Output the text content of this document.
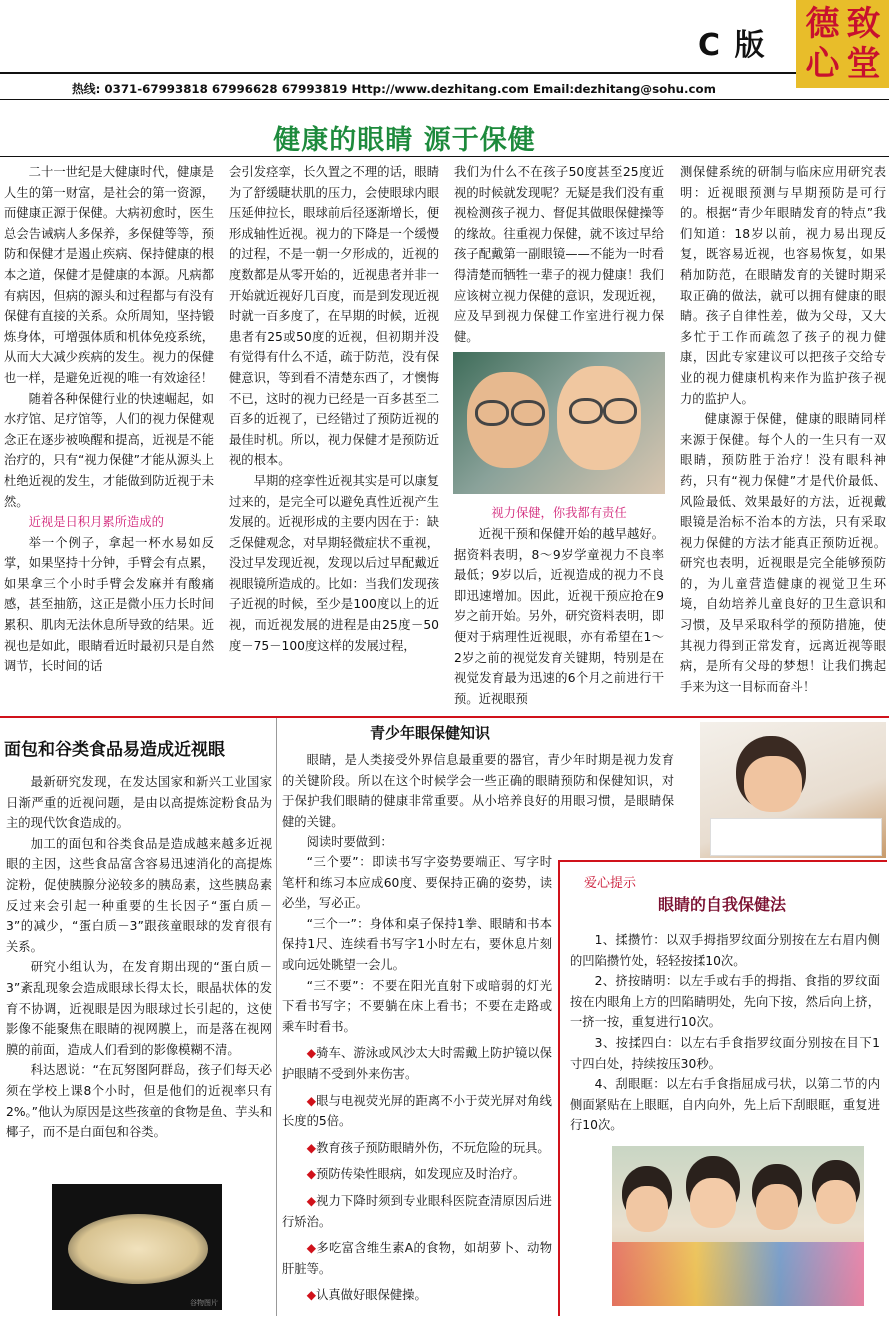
C 版
德 致
心 堂
热线: 0371-67993818 67996628 67993819 Http://www.dezhitang.com Email:dezhitang@sohu.com
健康的眼睛 源于保健

二十一世纪是大健康时代，健康是人生的第一财富，是社会的第一资源，而健康正源于保健。大病初愈时，医生总会告诫病人多保养，多保健等等，预防和保健才是遏止疾病、保持健康的根本之道，保健才是健康的本源。凡病都有病因，但病的源头和过程都与有没有保健有直接的关系。众所周知，坚持锻炼身体，可增强体质和机体免疫系统，从而大大减少疾病的发生。视力的保健也一样，是避免近视的唯一有效途径！

随着各种保健行业的快速崛起，如水疗馆、足疗馆等，人们的视力保健观念正在逐步被唤醒和提高，近视是不能治疗的，只有“视力保健”才能从源头上杜绝近视的发生，才能做到防近视于未然。

近视是日积月累所造成的

举一个例子，拿起一杯水易如反掌，如果坚持十分钟，手臂会有点累，如果拿三个小时手臂会发麻并有酸痛感，甚至抽筋，这正是微小压力长时间累积、肌肉无法休息所导致的结果。近视也是如此，眼睛看近时最初只是自然调节，长时间的话

会引发痉挛，长久置之不理的话，眼睛为了舒缓睫状肌的压力，会使眼球内眼压延伸拉长，眼球前后径逐渐增长，便形成轴性近视。视力的下降是一个缓慢的过程，不是一朝一夕形成的，近视的度数都是从零开始的，近视患者并非一开始就近视好几百度，而是到发现近视时就一百多度了，在早期的时候，近视患者有25或50度的近视，但初期并没有觉得有什么不适，疏于防范，没有保健意识，等到看不清楚东西了，才懊悔不已，这时的视力已经是一百多甚至二百多的近视了，已经错过了预防近视的最佳时机。所以，视力保健才是预防近视的根本。

早期的痉挛性近视其实是可以康复过来的，是完全可以避免真性近视产生发展的。近视形成的主要内因在于：缺乏保健观念，对早期轻微症状不重视，没过早发现近视，发现以后过早配戴近视眼镜所造成的。比如：当我们发现孩子近视的时候，至少是100度以上的近视，而近视发展的进程是由25度－50度－75－100度这样的发展过程，

我们为什么不在孩子50度甚至25度近视的时候就发现呢？无疑是我们没有重视检测孩子视力、督促其做眼保健操等的缘故。往重视力保健，就不该过早给孩子配戴第一副眼镜——不能为一时看得清楚而牺牲一辈子的视力健康！我们应该树立视力保健的意识，发现近视，应及早到视力保健工作室进行视力保健。

视力保健，你我都有责任

近视干预和保健开始的越早越好。据资料表明，8～9岁学童视力不良率最低；9岁以后，近视造成的视力不良即迅速增加。因此，近视干预应抢在9岁之前开始。另外，研究资料表明，即便对于病理性近视眼，亦有希望在1～2岁之前的视觉发育关键期，特别是在视觉发育最为迅速的6个月之前进行干预。近视眼预

测保健系统的研制与临床应用研究表明：近视眼预测与早期预防是可行的。根据“青少年眼睛发育的特点”我们知道：18岁以前，视力易出现反复，既容易近视，也容易恢复，如果稍加防范，在眼睛发育的关键时期采取正确的做法，就可以拥有健康的眼睛。孩子自律性差，做为父母，又大多忙于工作而疏忽了孩子的视力健康，因此专家建议可以把孩子交给专业的视力健康机构来作为监护孩子视力的监护人。

健康源于保健，健康的眼睛同样来源于保健。每个人的一生只有一双眼睛，预防胜于治疗！没有眼科神药，只有“视力保健”才是代价最低、风险最低、效果最好的方法，近视戴眼镜是治标不治本的方法，只有采取视力保健的方法才能真正预防近视。研究也表明，近视眼是完全能够预防的，为儿童营造健康的视觉卫生环境，自幼培养儿童良好的卫生意识和习惯，及早采取科学的预防措施，使其视力得到正常发育，远离近视等眼病，是所有父母的梦想！让我们携起手来为这一目标而奋斗！

面包和谷类食品易造成近视眼

最新研究发现，在发达国家和新兴工业国家日渐严重的近视问题，是由以高提炼淀粉食品为主的现代饮食造成的。

加工的面包和谷类食品是造成越来越多近视眼的主因，这些食品富含容易迅速消化的高提炼淀粉，促使胰腺分泌较多的胰岛素，这些胰岛素反过来会引起一种重要的生长因子“蛋白质－3”的减少，“蛋白质－3”跟孩童眼球的发育很有关系。

研究小组认为，在发育期出现的“蛋白质－3”紊乱现象会造成眼球长得太长，眼晶状体的发育不协调，近视眼是因为眼球过长引起的，这使影像不能聚焦在眼睛的视网膜上，而是落在视网膜的前面，造成人们看到的影像模糊不清。

科达恩说：“在瓦努图阿群岛，孩子们每天必须在学校上课8个小时，但是他们的近视率只有2%。”他认为原因是这些孩童的食物是鱼、芋头和椰子，而不是白面包和谷类。

谷物图片
青少年眼保健知识

眼睛，是人类接受外界信息最重要的器官，青少年时期是视力发育的关键阶段。所以在这个时候学会一些正确的眼睛预防和保健知识，对于保护我们眼睛的健康非常重要。从小培养良好的用眼习惯，是眼睛保健的关键。

阅读时要做到：

“三个要”：即读书写字姿势要端正、写字时笔杆和练习本应成60度、要保持正确的姿势，读必坐，写必正。

“三个一”：身体和桌子保持1拳、眼睛和书本保持1尺、连续看书写字1小时左右，要休息片刻或向远处眺望一会儿。

“三不要”：不要在阳光直射下或暗弱的灯光下看书写字；不要躺在床上看书；不要在走路或乘车时看书。

◆骑车、游泳或风沙太大时需戴上防护镜以保护眼睛不受到外来伤害。

◆眼与电视荧光屏的距离不小于荧光屏对角线长度的5倍。

◆教育孩子预防眼睛外伤，不玩危险的玩具。

◆预防传染性眼病，如发现应及时治疗。

◆视力下降时须到专业眼科医院查清原因后进行矫治。

◆多吃富含维生素A的食物，如胡萝卜、动物肝脏等。

◆认真做好眼保健操。

爱心提示
眼睛的自我保健法

1、揉攒竹：以双手拇指罗纹面分别按在左右眉内侧的凹陷攒竹处，轻轻按揉10次。

2、挤按睛明：以左手或右手的拇指、食指的罗纹面按在内眼角上方的凹陷睛明处，先向下按，然后向上挤，一挤一按，重复进行10次。

3、按揉四白：以左右手食指罗纹面分别按在目下1寸四白处，持续按压30秒。

4、刮眼眶：以左右手食指屈成弓状，以第二节的内侧面紧贴在上眼眶，自内向外，先上后下刮眼眶，重复进行10次。
